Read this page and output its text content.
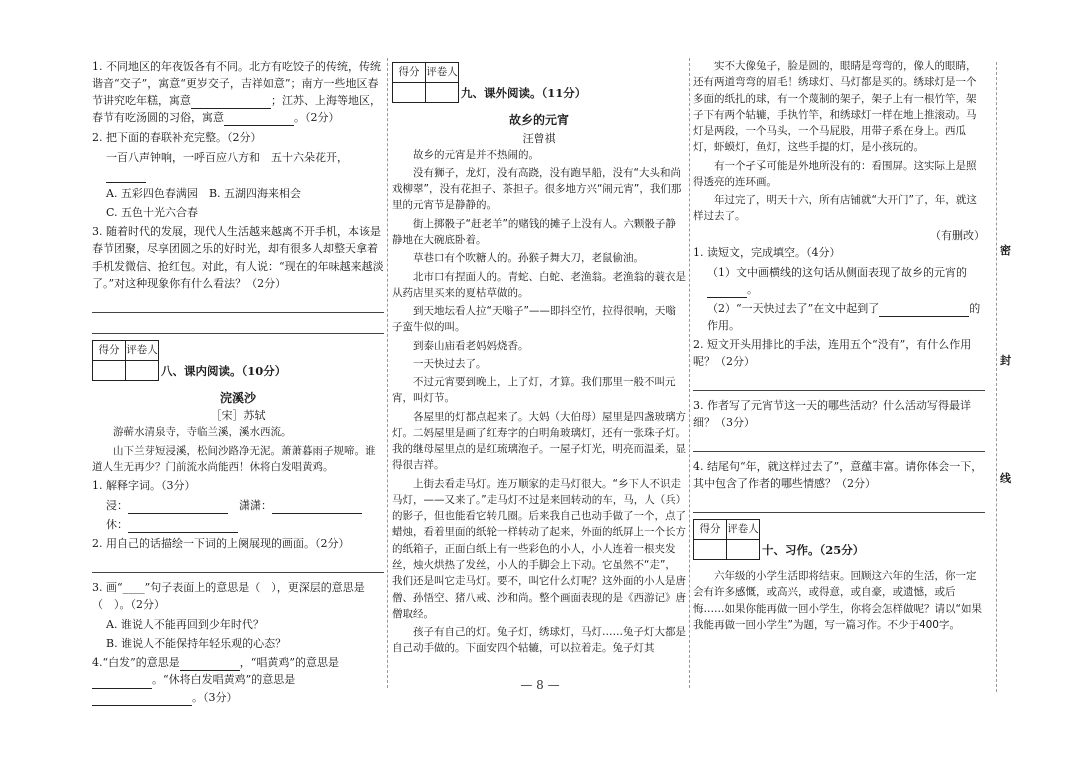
1. 不同地区的年夜饭各有不同。北方有吃饺子的传统，传统谐音“交子”，寓意“更岁交子，吉祥如意”；南方一些地区春节讲究吃年糕，寓意	；江苏、上海等地区，春节有吃汤圆的习俗，寓意	。（2分）

2. 把下面的春联补充完整。（2分）

一百八声钟响，一呼百应八方和　五十六朵花开，

A. 五彩四色春满园　 B. 五湖四海来相会

C. 五色十光六合春

3. 随着时代的发展，现代人生活越来越离不开手机，本该是春节团聚，尽享团圆之乐的好时光，却有很多人却整天拿着手机发微信、抢红包。对此，有人说：“现在的年味越来越淡了。”对这种现象你有什么看法？（2分）

得分 评卷人
八、课内阅读。（10分）

浣溪沙

［宋］苏轼

游蕲水清泉寺，寺临兰溪，溪水西流。

山下兰芽短浸溪，松间沙路净无泥。萧萧暮雨子规啼。谁道人生无再少？门前流水尚能西！休将白发唱黄鸡。

1. 解释字词。（3分）

浸：　	潇潇：

休：

2. 用自己的话描绘一下词的上阕展现的画面。（2分）

3. 画“____”句子表面上的意思是（　），更深层的意思是（　）。（2分）

A. 谁说人不能再回到少年时代？

B. 谁说人不能保持年轻乐观的心态？

4.“白发”的意思是	，“唱黄鸡”的意思是。“休将白发唱黄鸡”的意思是。（3分）

得分 评卷人
九、课外阅读。（11分）

故乡的元宵

汪曾祺

故乡的元宵是并不热闹的。

没有狮子，龙灯，没有高跷，没有跑旱船，没有“大头和尚戏柳翠”，没有花担子、茶担子。很多地方兴“闹元宵”，我们那里的元宵节是静静的。

街上掷骰子“赶老羊”的赌钱的摊子上没有人。六颗骰子静静地在大碗底卧着。

草巷口有个吹糖人的。孙猴子舞大刀，老鼠偷油。

北市口有捏面人的。青蛇、白蛇、老渔翁。老渔翁的蓑衣是从药店里买来的夏枯草做的。

到天地坛看人拉“天嗡子”——即抖空竹，拉得很响，天嗡子蛮牛似的叫。

到泰山庙看老妈妈烧香。

一天快过去了。

不过元宵要到晚上，上了灯，才算。我们那里一般不叫元宵，叫灯节。

各屋里的灯都点起来了。大妈（大伯母）屋里是四盏玻璃方灯。二妈屋里是画了红寿字的白明角玻璃灯，还有一张珠子灯。我的继母屋里点的是红琉璃泡子。一屋子灯光，明亮而温柔，显得很吉祥。

上街去看走马灯。连万顺家的走马灯很大。“乡下人不识走马灯，——又来了。”走马灯不过是来回转动的车，马，人（兵）的影子，但也能看它转几圈。后来我自己也动手做了一个，点了蜡烛，看着里面的纸轮一样转动了起来，外面的纸屏上一个长方的纸箱子，正面白纸上有一些彩色的小人，小人连着一根夹发丝，烛火烘热了发丝，小人的手脚会上下动。它虽然不“走”，我们还是叫它走马灯。要不，叫它什么灯呢？这外面的小人是唐僧、孙悟空、猪八戒、沙和尚。整个画面表现的是《西游记》唐僧取经。

孩子有自己的灯。兔子灯，绣球灯，马灯……兔子灯大都是自己动手做的。下面安四个轱辘，可以拉着走。兔子灯其

实不大像兔子，脸是圆的，眼睛是弯弯的，像人的眼睛，还有两道弯弯的眉毛！绣球灯、马灯都是买的。绣球灯是一个多面的纸扎的球，有一个蔑制的架子，架子上有一根竹竿，架子下有两个轱辘，手执竹竿，和绣球灯一样在地上推滚动。马灯是两段，一个马头，一个马屁股，用带子系在身上。西瓜灯，虾蟆灯，鱼灯，这些手提的灯，是小孩玩的。

有一个孑孓可能是外地所没有的：看围屏。这实际上是照得透亮的连环画。

年过完了，明天十六，所有店铺就“大开门”了，年，就这样过去了。

（有删改）

1. 读短文，完成填空。（4分）

（1）文中画横线的这句话从侧面表现了故乡的元宵的。

（2）“一天快过去了”在文中起到了	的作用。

2. 短文开头用排比的手法，连用五个“没有”，有什么作用呢？（2分）

3. 作者写了元宵节这一天的哪些活动？什么活动写得最详细？（3分）

4. 结尾句“年，就这样过去了”，意蕴丰富。请你体会一下，其中包含了作者的哪些情感？（2分）

得分 评卷人
十、习作。（25分）

六年级的小学生活即将结束。回顾这六年的生活，你一定会有许多感慨，或高兴，或得意，或自豪，或遗憾，或后悔……如果你能再做一回小学生，你将会怎样做呢？请以“如果我能再做一回小学生”为题，写一篇习作。不少于400字。

密
封
线
— 8 —
